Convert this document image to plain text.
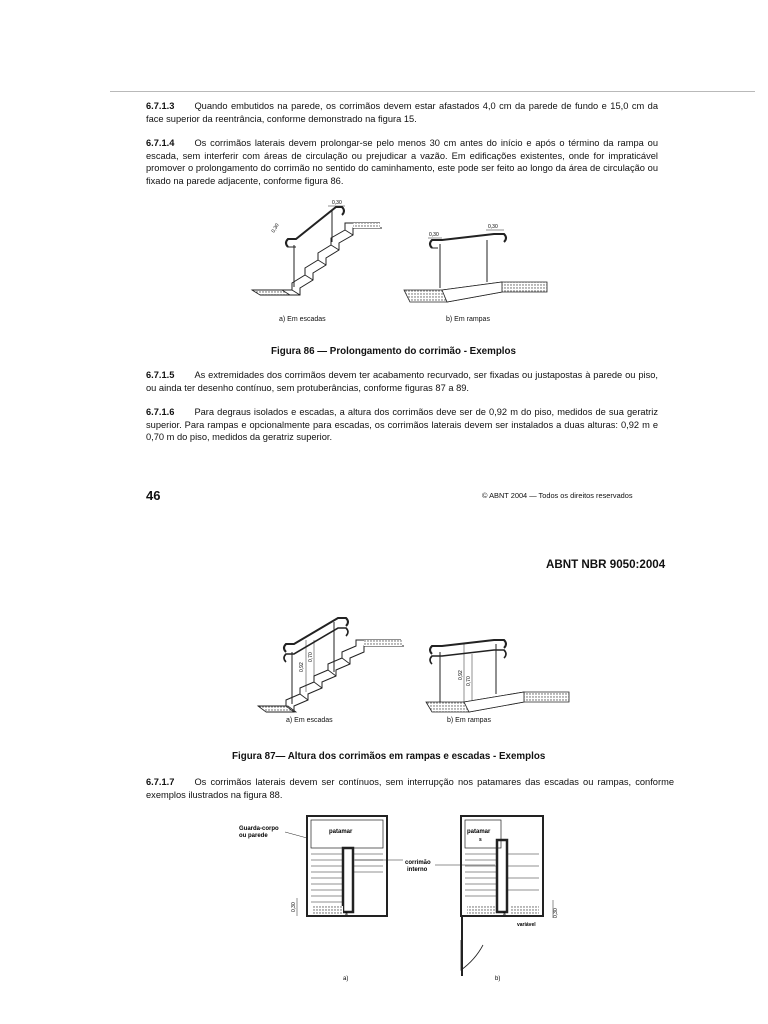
6.7.1.3 Quando embutidos na parede, os corrimãos devem estar afastados 4,0 cm da parede de fundo e 15,0 cm da face superior da reentrância, conforme demonstrado na figura 15.
6.7.1.4 Os corrimãos laterais devem prolongar-se pelo menos 30 cm antes do início e após o término da rampa ou escada, sem interferir com áreas de circulação ou prejudicar a vazão. Em edificações existentes, onde for impraticável promover o prolongamento do corrimão no sentido do caminhamento, este pode ser feito ao longo da área de circulação ou fixado na parede adjacente, conforme figura 86.
0,30
0,30
0,30
0,30
a) Em escadas	b) Em rampas
Figura 86 — Prolongamento do corrimão - Exemplos
6.7.1.5 As extremidades dos corrimãos devem ter acabamento recurvado, ser fixadas ou justapostas à parede ou piso, ou ainda ter desenho contínuo, sem protuberâncias, conforme figuras 87 a 89.
6.7.1.6 Para degraus isolados e escadas, a altura dos corrimãos deve ser de 0,92 m do piso, medidos de sua geratriz superior. Para rampas e opcionalmente para escadas, os corrimãos laterais devem ser instalados a duas alturas: 0,92 m e 0,70 m do piso, medidos da geratriz superior.
46	© ABNT 2004 — Todos os direitos reservados
ABNT NBR 9050:2004
0,92
0,70
0,92
0,70
a) Em escadas	b) Em rampas
Figura 87— Altura dos corrimãos em rampas e escadas - Exemplos
6.7.1.7 Os corrimãos laterais devem ser contínuos, sem interrupção nos patamares das escadas ou rampas, conforme exemplos ilustrados na figura 88.
Guarda-corpo
ou parede
patamar
s
0,30
corrimão
interno
patamar
s
s
variável
0,30
a)	b)
